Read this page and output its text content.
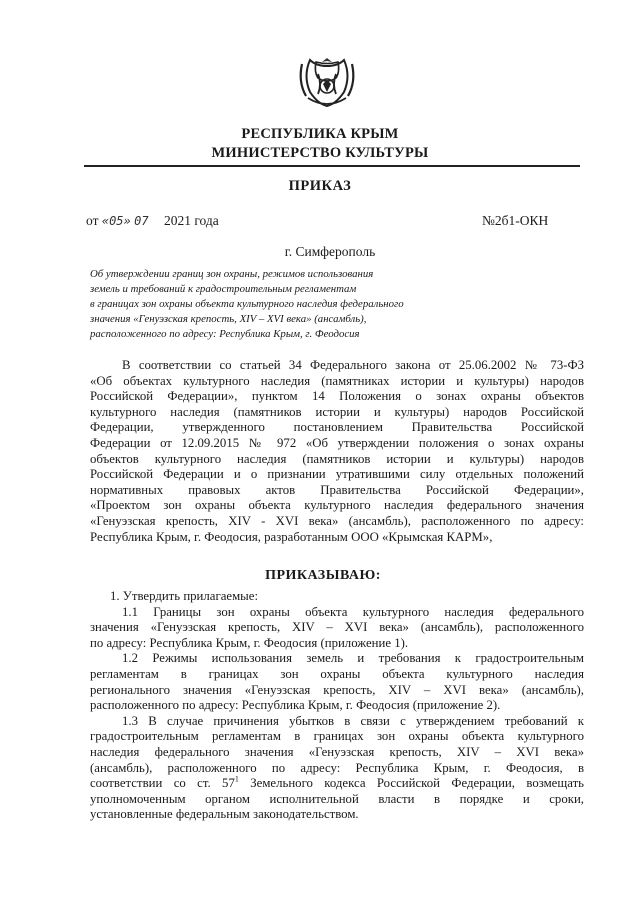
РЕСПУБЛИКА КРЫМ
МИНИСТЕРСТВО КУЛЬТУРЫ
ПРИКАЗ
от «05» 07 2021 года	№2б1-ОКН
г. Симферополь
Об утверждении границ зон охраны, режимов использования
земель и требований к градостроительным регламентам
в границах зон охраны объекта культурного наследия федерального
значения «Генуэзская крепость, XIV – XVI века» (ансамбль),
расположенного по адресу: Республика Крым, г. Феодосия
В соответствии со статьей 34 Федерального закона от 25.06.2002 № 73-ФЗ
«Об объектах культурного наследия (памятниках истории и культуры) народов
Российской Федерации», пунктом 14 Положения о зонах охраны объектов
культурного наследия (памятников истории и культуры) народов Российской
Федерации, утвержденного постановлением Правительства Российской
Федерации от 12.09.2015 № 972 «Об утверждении положения о зонах охраны
объектов культурного наследия (памятников истории и культуры) народов
Российской Федерации и о признании утратившими силу отдельных положений
нормативных правовых актов Правительства Российской Федерации»,
«Проектом зон охраны объекта культурного наследия федерального значения
«Генуэзская крепость, XIV - XVI века» (ансамбль), расположенного по адресу:
Республика Крым, г. Феодосия, разработанным ООО «Крымская КАРМ»,
ПРИКАЗЫВАЮ:
1. Утвердить прилагаемые:
1.1 Границы зон охраны объекта культурного наследия федерального
значения «Генуэзская крепость, XIV – XVI века» (ансамбль), расположенного
по адресу: Республика Крым, г. Феодосия (приложение 1).
1.2 Режимы использования земель и требования к градостроительным
регламентам в границах зон охраны объекта культурного наследия
регионального значения «Генуэзская крепость, XIV – XVI века» (ансамбль),
расположенного по адресу: Республика Крым, г. Феодосия (приложение 2).
1.3 В случае причинения убытков в связи с утверждением требований к
градостроительным регламентам в границах зон охраны объекта культурного
наследия федерального значения «Генуэзская крепость, XIV – XVI века»
(ансамбль), расположенного по адресу: Республика Крым, г. Феодосия, в
соответствии со ст. $57^1$ Земельного кодекса Российской Федерации, возмещать
уполномоченным органом исполнительной власти в порядке и сроки,
установленные федеральным законодательством.
